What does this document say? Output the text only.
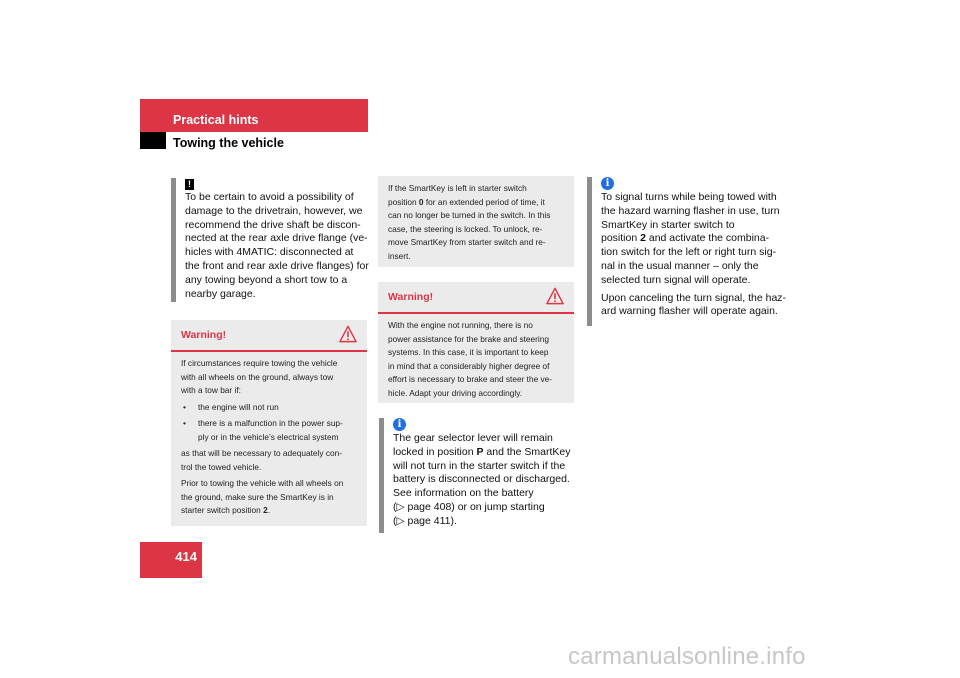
Practical hints
Towing the vehicle
!
To be certain to avoid a possibility of
damage to the drivetrain, however, we
recommend the drive shaft be discon-
nected at the rear axle drive flange (ve-
hicles with 4MATIC: disconnected at
the front and rear axle drive flanges) for
any towing beyond a short tow to a
nearby garage.
Warning!

If circumstances require towing the vehicle
with all wheels on the ground, always tow
with a tow bar if:

• the engine will not run
• there is a malfunction in the power sup-
ply or in the vehicle’s electrical system

as that will be necessary to adequately con-
trol the towed vehicle.

Prior to towing the vehicle with all wheels on
the ground, make sure the SmartKey is in
starter switch position 2.

If the SmartKey is left in starter switch
position 0 for an extended period of time, it
can no longer be turned in the switch. In this
case, the steering is locked. To unlock, re-
move SmartKey from starter switch and re-
insert.
Warning!
With the engine not running, there is no
power assistance for the brake and steering
systems. In this case, it is important to keep
in mind that a considerably higher degree of
effort is necessary to brake and steer the ve-
hicle. Adapt your driving accordingly.
i
The gear selector lever will remain
locked in position P and the SmartKey
will not turn in the starter switch if the
battery is disconnected or discharged.
See information on the battery
(▷ page 408) or on jump starting
(▷ page 411).
i
To signal turns while being towed with
the hazard warning flasher in use, turn
SmartKey in starter switch to
position 2 and activate the combina-
tion switch for the left or right turn sig-
nal in the usual manner – only the
selected turn signal will operate.
Upon canceling the turn signal, the haz-
ard warning flasher will operate again.
414
carmanualsonline.info
